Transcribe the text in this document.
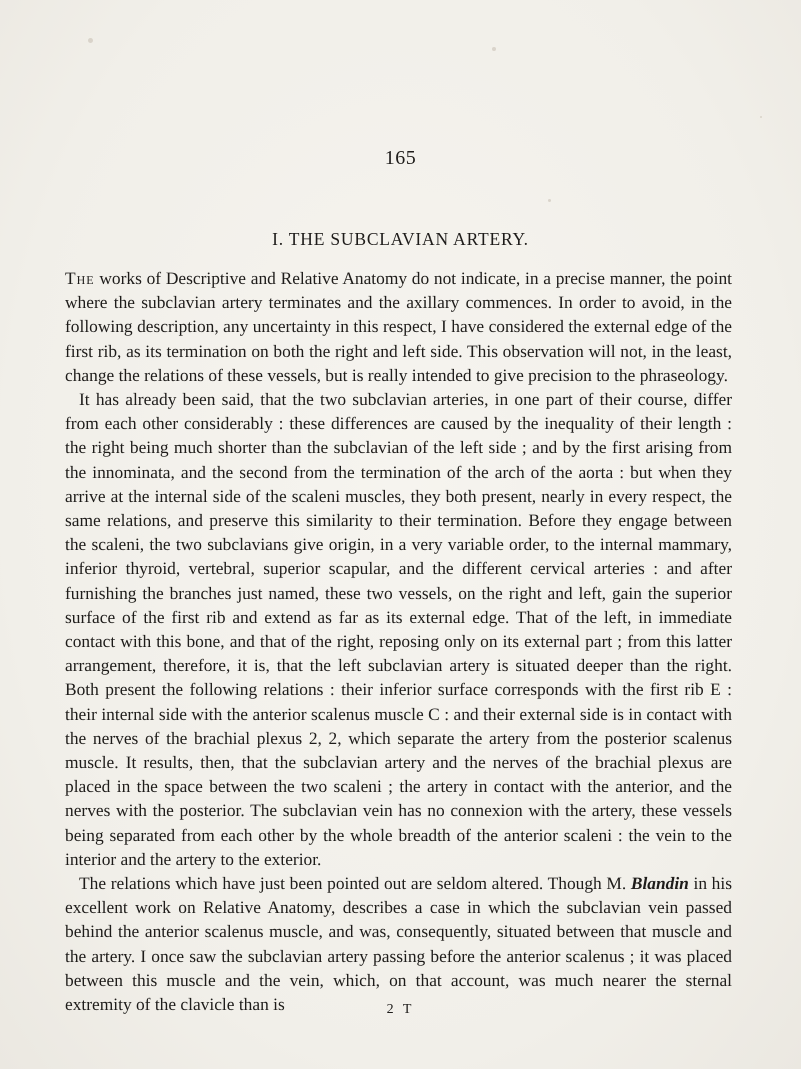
165
I. THE SUBCLAVIAN ARTERY.

The works of Descriptive and Relative Anatomy do not indicate, in a precise manner, the point where the subclavian artery terminates and the axillary commences. In order to avoid, in the following description, any uncertainty in this respect, I have considered the external edge of the first rib, as its termination on both the right and left side. This observation will not, in the least, change the relations of these vessels, but is really intended to give precision to the phraseology.

It has already been said, that the two subclavian arteries, in one part of their course, differ from each other considerably : these differences are caused by the inequality of their length : the right being much shorter than the subclavian of the left side ; and by the first arising from the innominata, and the second from the termination of the arch of the aorta : but when they arrive at the internal side of the scaleni muscles, they both present, nearly in every respect, the same relations, and preserve this similarity to their termination. Before they engage between the scaleni, the two subclavians give origin, in a very variable order, to the internal mammary, inferior thyroid, vertebral, superior scapular, and the different cervical arteries : and after furnishing the branches just named, these two vessels, on the right and left, gain the superior surface of the first rib and extend as far as its external edge. That of the left, in immediate contact with this bone, and that of the right, reposing only on its external part ; from this latter arrangement, therefore, it is, that the left subclavian artery is situated deeper than the right. Both present the following relations : their inferior surface corresponds with the first rib E : their internal side with the anterior scalenus muscle C : and their external side is in contact with the nerves of the brachial plexus 2, 2, which separate the artery from the posterior scalenus muscle. It results, then, that the subclavian artery and the nerves of the brachial plexus are placed in the space between the two scaleni ; the artery in contact with the anterior, and the nerves with the posterior. The subclavian vein has no connexion with the artery, these vessels being separated from each other by the whole breadth of the anterior scaleni : the vein to the interior and the artery to the exterior.

The relations which have just been pointed out are seldom altered. Though M. Blandin in his excellent work on Relative Anatomy, describes a case in which the subclavian vein passed behind the anterior scalenus muscle, and was, consequently, situated between that muscle and the artery. I once saw the subclavian artery passing before the anterior scalenus ; it was placed between this muscle and the vein, which, on that account, was much nearer the sternal extremity of the clavicle than is	2 T
